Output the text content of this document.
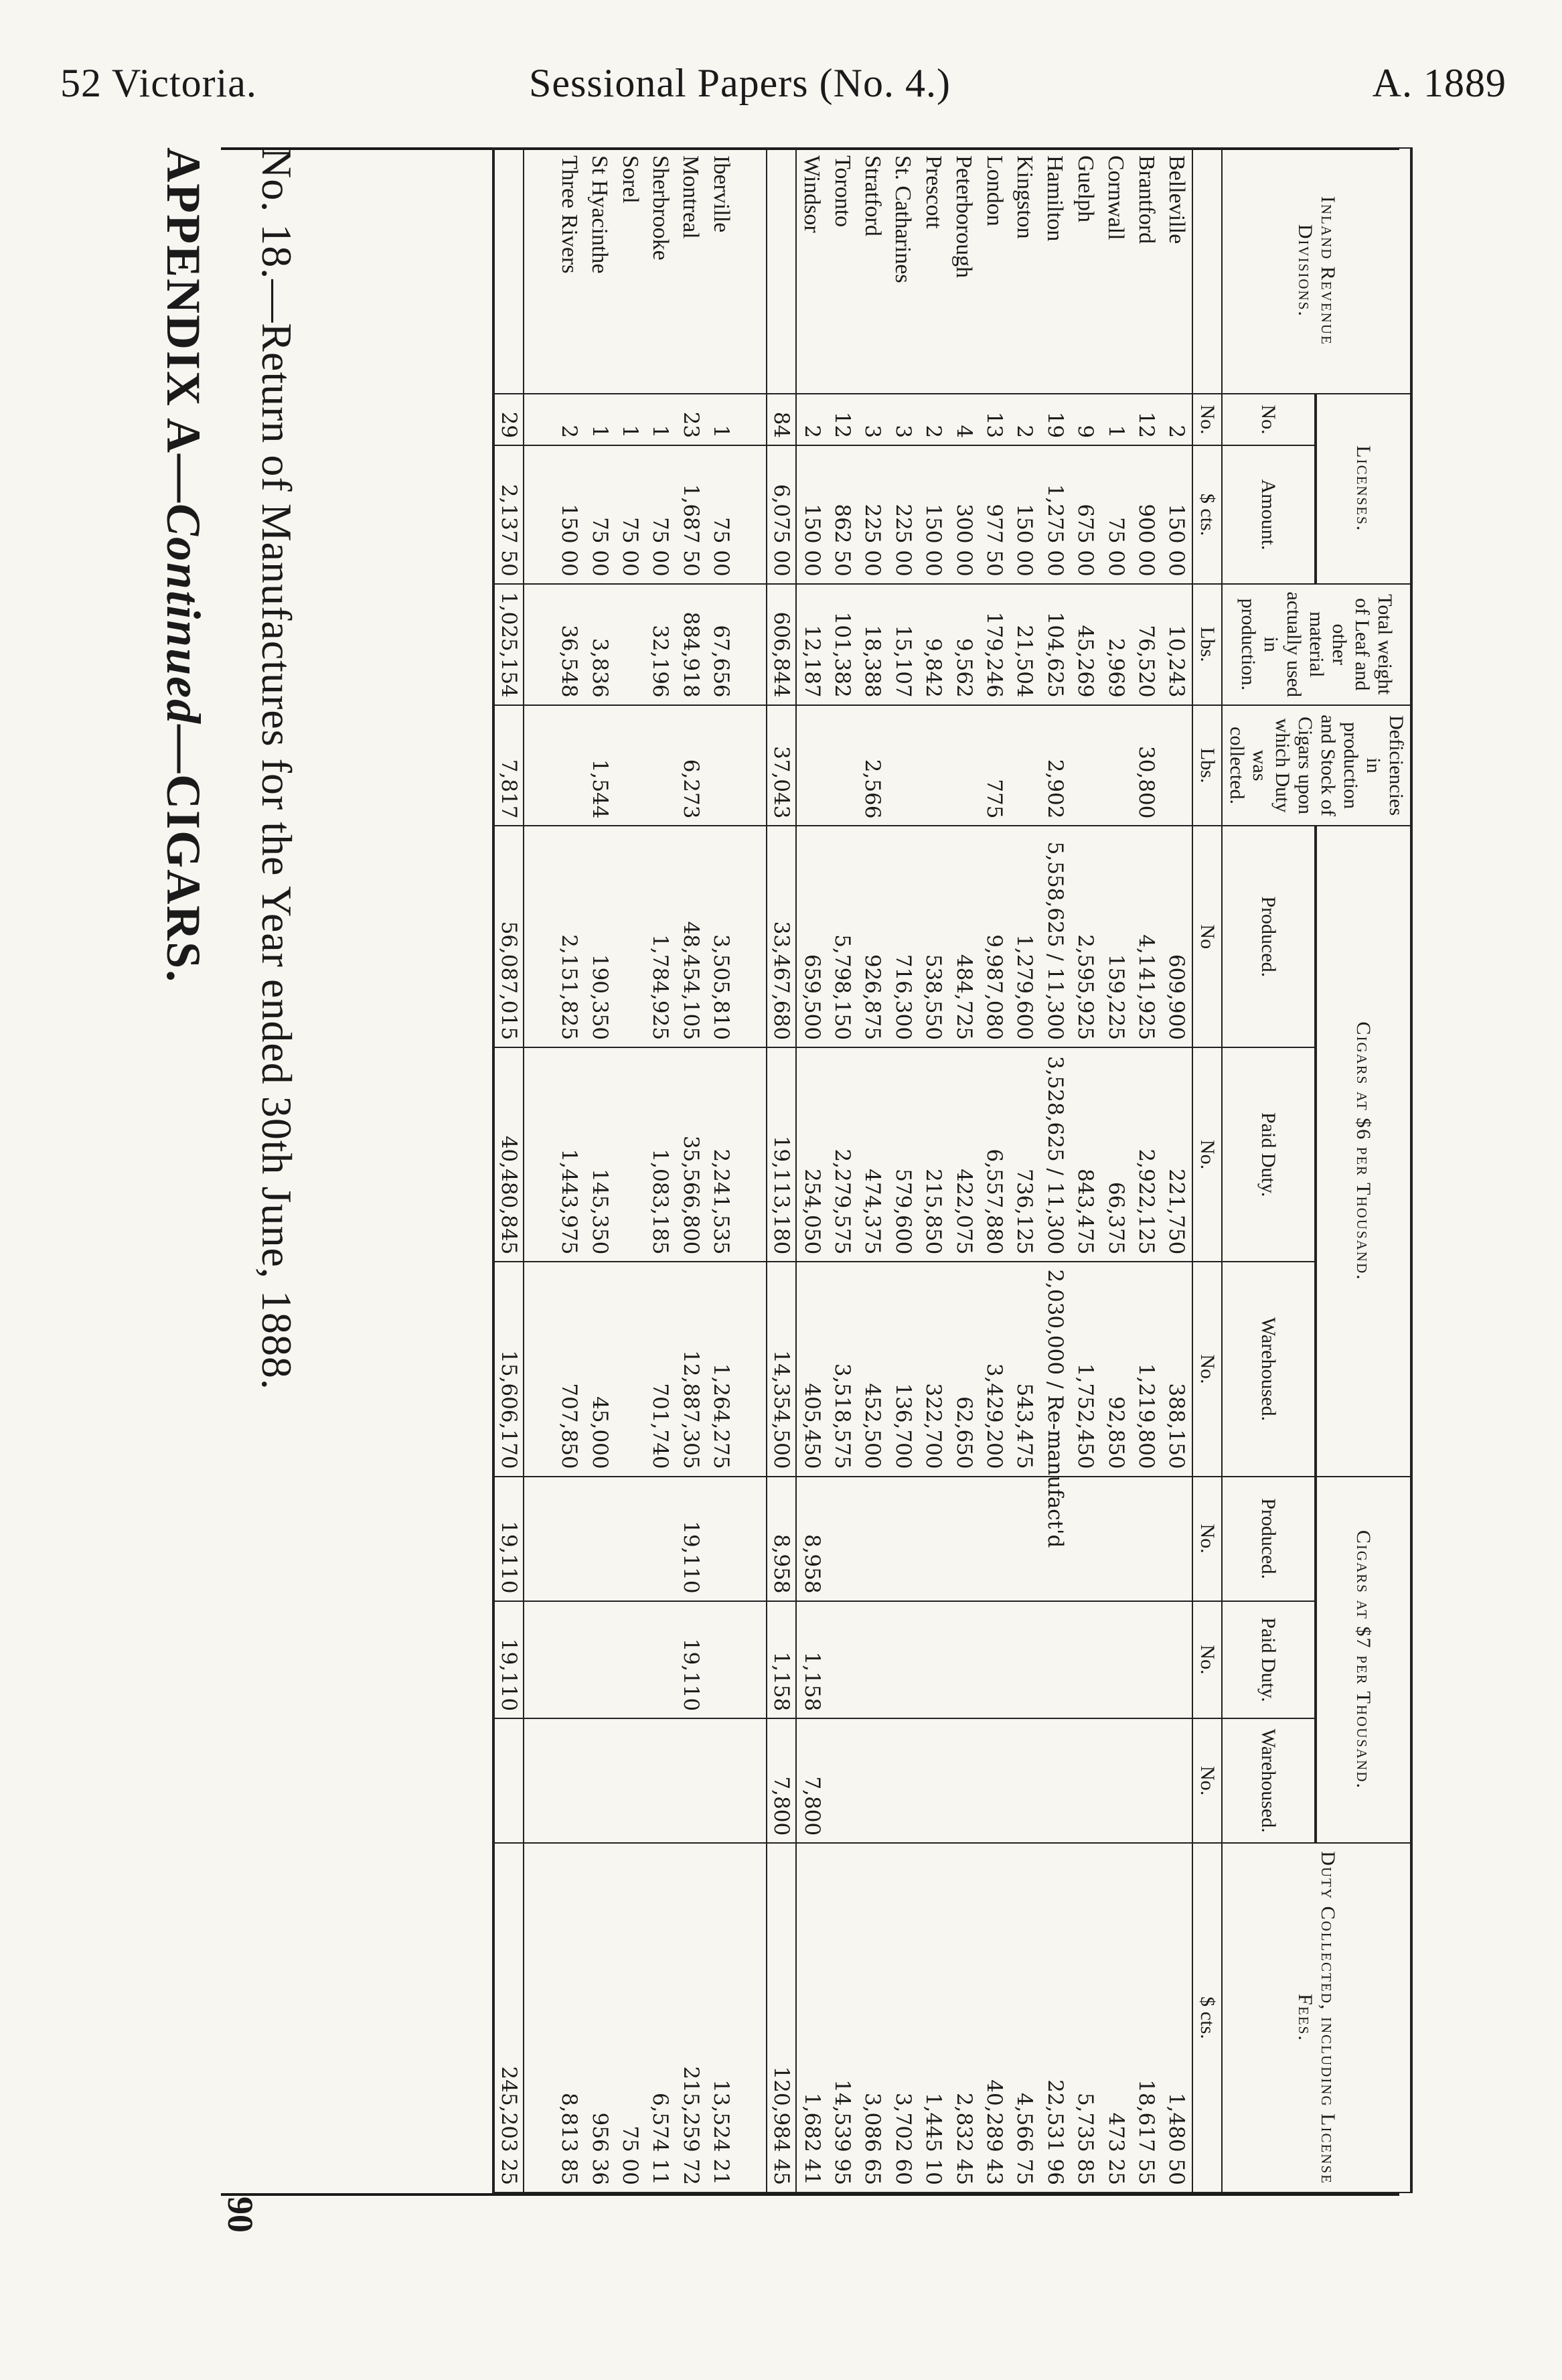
52 Victoria.	Sessional Papers (No. 4.)	A. 1889
Inland Revenue Divisions.	Licenses.		Total weight of Leaf and other material actually used in production.	Deficiencies in production and Stock of Cigars upon which Duty was collected.	Cigars at $6 per Thousand.			Cigars at $7 per Thousand.			Duty Collected, including License Fees.
	No.	Amount.			Produced.	Paid Duty.	Warehoused.	Produced.	Paid Duty.	Warehoused.	
	No.	$ cts.	Lbs.	Lbs.	No	No.	No.	No.	No.	No.	$ cts.
Belleville	2	150 00	10,243		609,900	221,750	388,150				1,480 50
Brantford	12	900 00	76,520	30,800	4,141,925	2,922,125	1,219,800				18,617 55
Cornwall	1	75 00	2,969		159,225	66,375	92,850				473 25
Guelph	9	675 00	45,269		2,595,925	843,475	1,752,450				5,735 85
Hamilton	19	1,275 00	104,625	2,902	5,558,625 / 11,300	3,528,625 / 11,300	2,030,000 / Re-manufact'd				22,531 96
Kingston	2	150 00	21,504		1,279,600	736,125	543,475				4,566 75
London	13	977 50	179,246	775	9,987,080	6,557,880	3,429,200				40,289 43
Peterborough	4	300 00	9,562		484,725	422,075	62,650				2,832 45
Prescott	2	150 00	9,842		538,550	215,850	322,700				1,445 10
St. Catharines	3	225 00	15,107		716,300	579,600	136,700				3,702 60
Stratford	3	225 00	18,388	2,566	926,875	474,375	452,500				3,086 65
Toronto	12	862 50	101,382		5,798,150	2,279,575	3,518,575				14,539 95
Windsor	2	150 00	12,187		659,500	254,050	405,450	8,958	1,158	7,800	1,682 41
	84	6,075 00	606,844	37,043	33,467,680	19,113,180	14,354,500	8,958	1,158	7,800	120,984 45

Iberville	1	75 00	67,656		3,505,810	2,241,535	1,264,275				13,524 21
Montreal	23	1,687 50	884,918	6,273	48,454,105	35,566,800	12,887,305	19,110	19,110		215,259 72
Sherbrooke	1	75 00	32,196		1,784,925	1,083,185	701,740				6,574 11
Sorel	1	75 00									75 00
St Hyacinthe	1	75 00	3,836	1,544	190,350	145,350	45,000				956 36
Three Rivers	2	150 00	36,548		2,151,825	1,443,975	707,850				8,813 85

	29	2,137 50	1,025,154	7,817	56,087,015	40,480,845	15,606,170	19,110	19,110		245,203 25
No. 18.—Return of Manufactures for the Year ended 30th June, 1888.
APPENDIX A—Continued—CIGARS.
90
